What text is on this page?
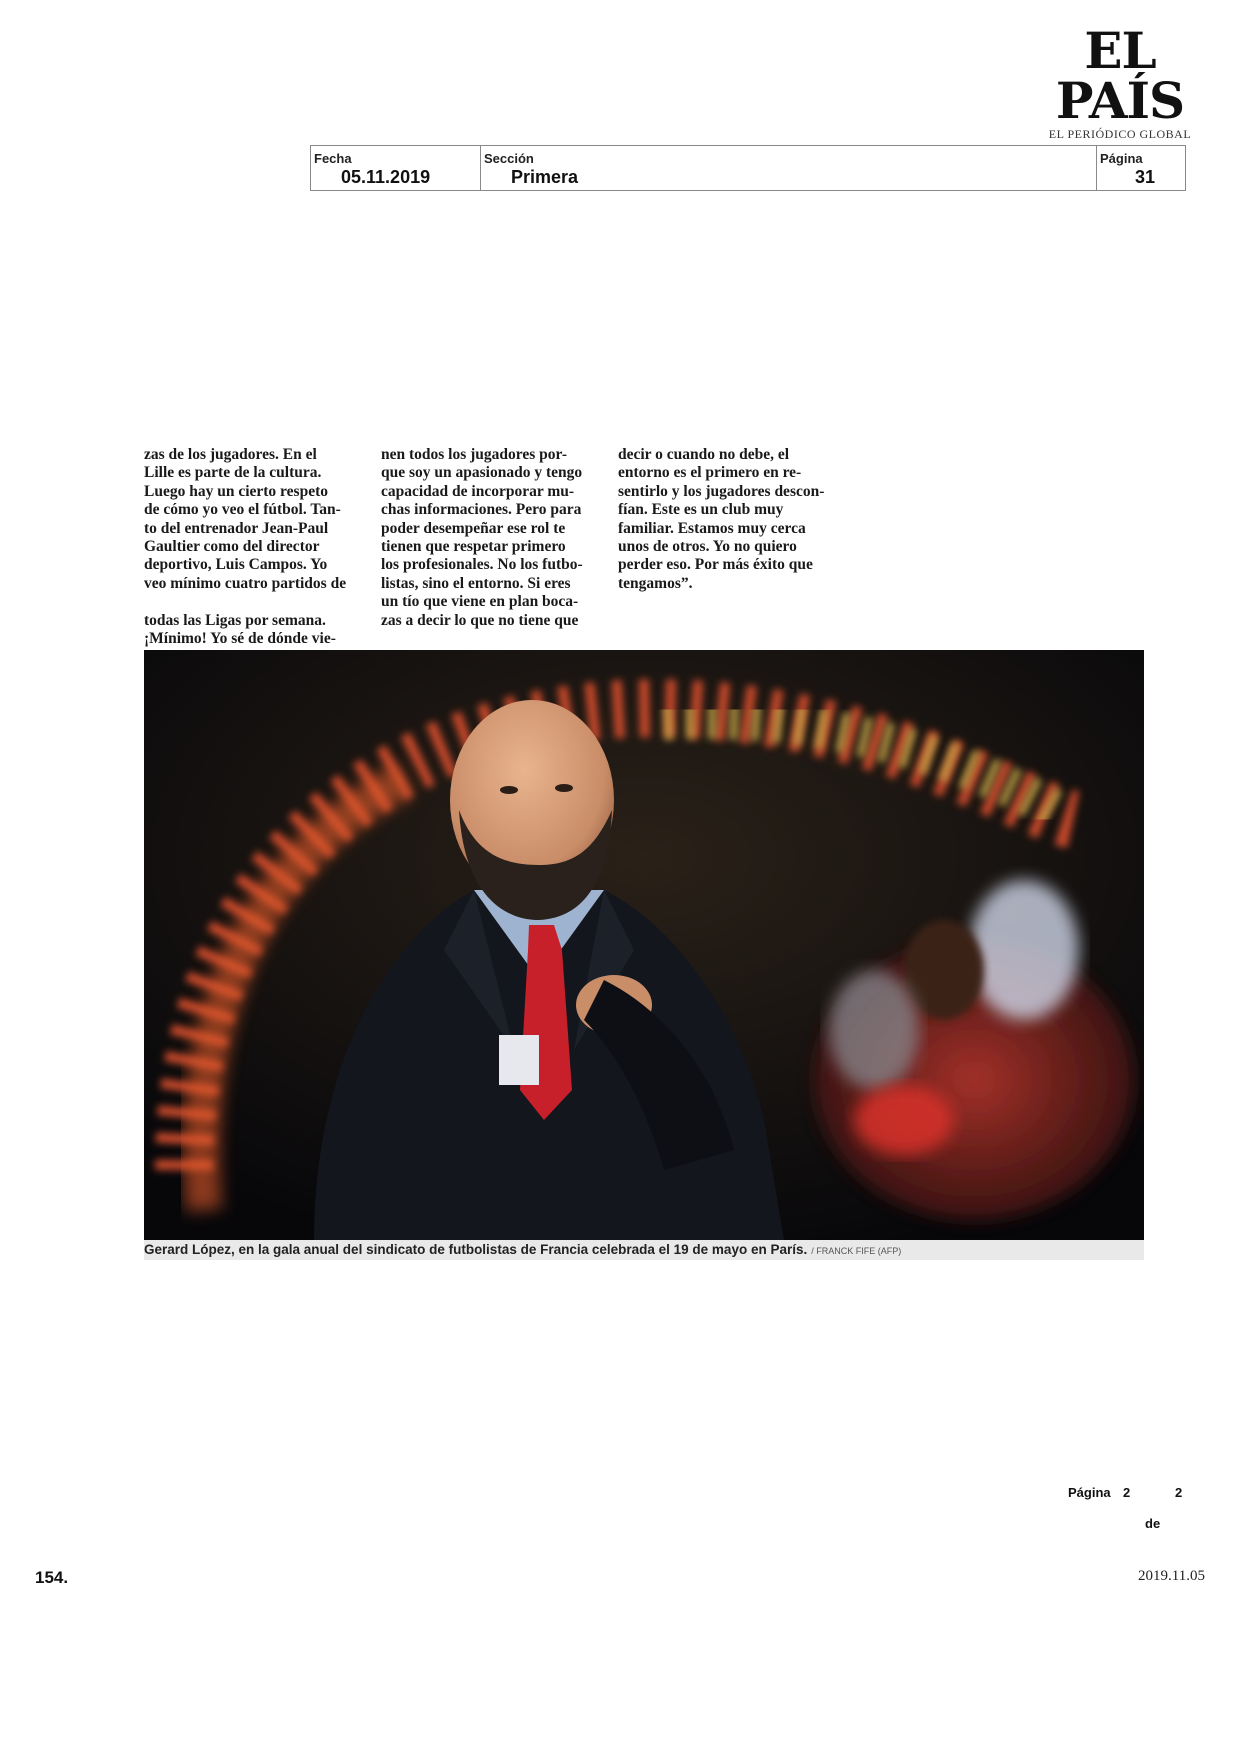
EL PAÍS
EL PERIÓDICO GLOBAL
Fecha
05.11.2019
Sección
Primera
Página
31
zas de los jugadores. En el
Lille es parte de la cultura.
Luego hay un cierto respeto
de cómo yo veo el fútbol. Tan-
to del entrenador Jean-Paul
Gaultier como del director
deportivo, Luis Campos. Yo
veo mínimo cuatro partidos de

todas las Ligas por semana.
¡Mínimo! Yo sé de dónde vie-
nen todos los jugadores por-
que soy un apasionado y tengo
capacidad de incorporar mu-
chas informaciones. Pero para
poder desempeñar ese rol te
tienen que respetar primero
los profesionales. No los futbo-
listas, sino el entorno. Si eres
un tío que viene en plan boca-
zas a decir lo que no tiene que
decir o cuando no debe, el
entorno es el primero en re-
sentirlo y los jugadores descon-
fían. Este es un club muy
familiar. Estamos muy cerca
unos de otros. Yo no quiero
perder eso. Por más éxito que
tengamos”.
Gerard López, en la gala anual del sindicato de futbolistas de Francia celebrada el 19 de mayo en París. / FRANCK FIFE (AFP)
Página 2	2
de
154.	2019.11.05
